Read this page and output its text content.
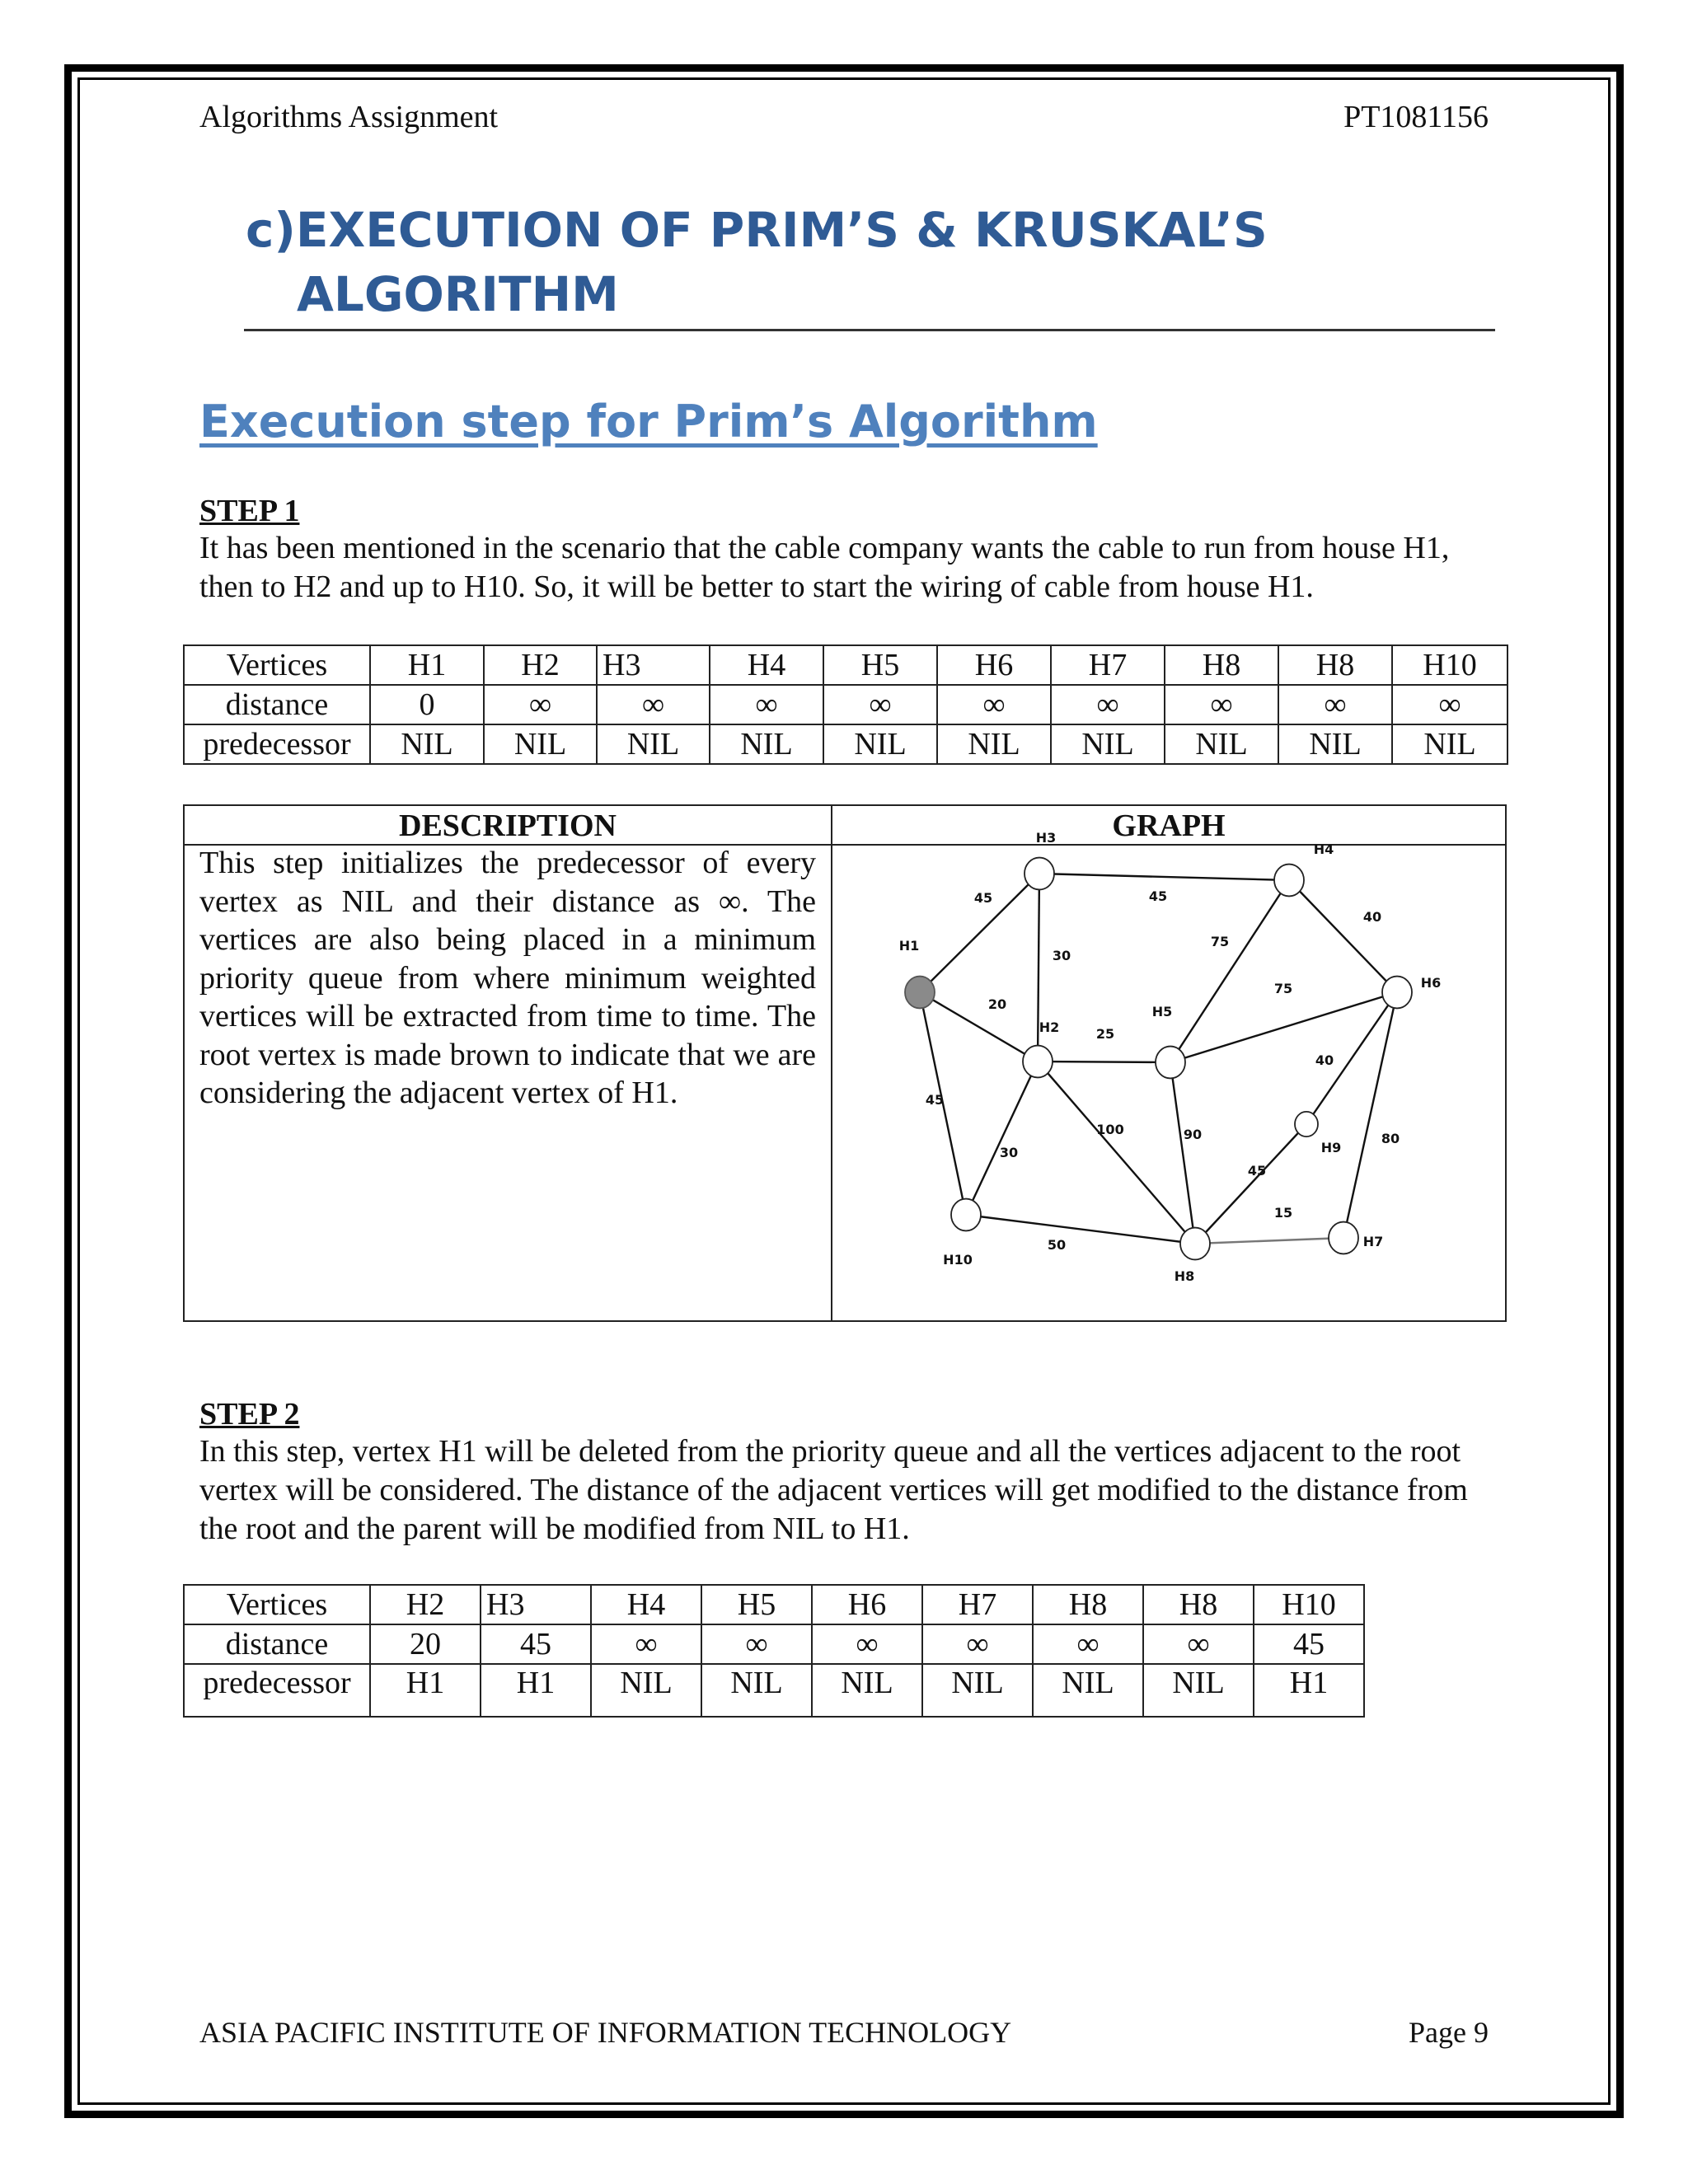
Algorithms Assignment	PT1081156
c)EXECUTION OF PRIM’S & KRUSKAL’S
ALGORITHM
Execution step for Prim’s Algorithm
STEP 1
It has been mentioned in the scenario that the cable company wants the cable to run from house H1, then to H2 and up to H10. So, it will be better to start the wiring of cable from house H1.
Vertices	H1	H2	H3	H4	H5	H6	H7	H8	H8	H10
distance	0	∞	∞	∞	∞	∞	∞	∞	∞	∞
predecessor	NIL	NIL	NIL	NIL	NIL	NIL	NIL	NIL	NIL	NIL
DESCRIPTION	GRAPH
This step initializes the predecessor of every vertex as NIL and their distance as ∞. The vertices are also being placed in a minimum priority queue from where minimum weighted vertices will be extracted from time to time. The root vertex is made brown to indicate that we are considering the adjacent vertex of H1.
45
20
45
30
45
40
75
25
75
40
80
30
100	90
45
15
50
H1
H2
H3
H4
H5
H6
H7
H8
H9
H10
STEP 2
In this step, vertex H1 will be deleted from the priority queue and all the vertices adjacent to the root vertex will be considered. The distance of the adjacent vertices will get modified to the distance from the root and the parent will be modified from NIL to H1.
Vertices	H2	H3	H4	H5	H6	H7	H8	H8	H10
distance	20	45	∞	∞	∞	∞	∞	∞	45
predecessor	H1	H1	NIL	NIL	NIL	NIL	NIL	NIL	H1
ASIA PACIFIC INSTITUTE OF INFORMATION TECHNOLOGY	Page 9
